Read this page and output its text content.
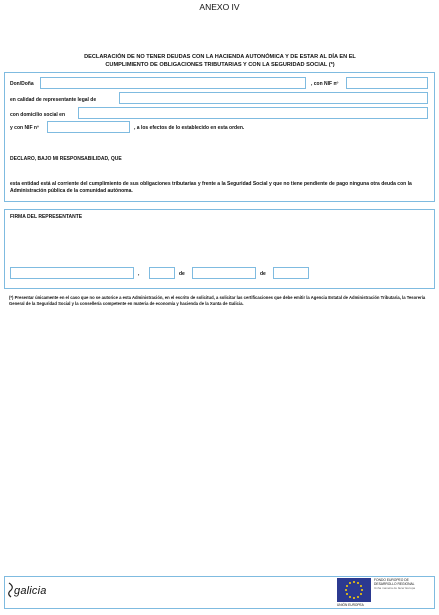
ANEXO IV
DECLARACIÓN DE NO TENER DEUDAS CON LA HACIENDA AUTONÓMICA Y DE ESTAR AL DÍA EN EL
CUMPLIMIENTO DE OBLIGACIONES TRIBUTARIAS Y CON LA SEGURIDAD SOCIAL (*)
Don/Doña	, con NIF nº
en calidad de representante legal de
con domicilio social en
y con NIF nº	, a los efectos de lo establecido en esta orden.
DECLARO, BAJO MI RESPONSABILIDAD, QUE
esta entidad está al corriente del cumplimiento de sus obligaciones tributarias y frente a la Seguridad Social y que no tiene pendiente de pago ninguna otra deuda con la Administración pública de la comunidad autónoma.
FIRMA DEL REPRESENTANTE
,	de	de
(*) Presentar únicamente en el caso que no se autorice a esta Administración, en el escrito de solicitud, a solicitar las certificaciones que debe emitir la Agencia Estatal de Administración Tributaria, la Tesorería General de la Seguridad Social y la consellería competente en materia de economía y hacienda de la Xunta de Galicia.
galicia
FONDO EUROPEO DE
DESARROLLO REGIONAL
Unha maneira de facer Europa
UNIÓN EUROPEA
